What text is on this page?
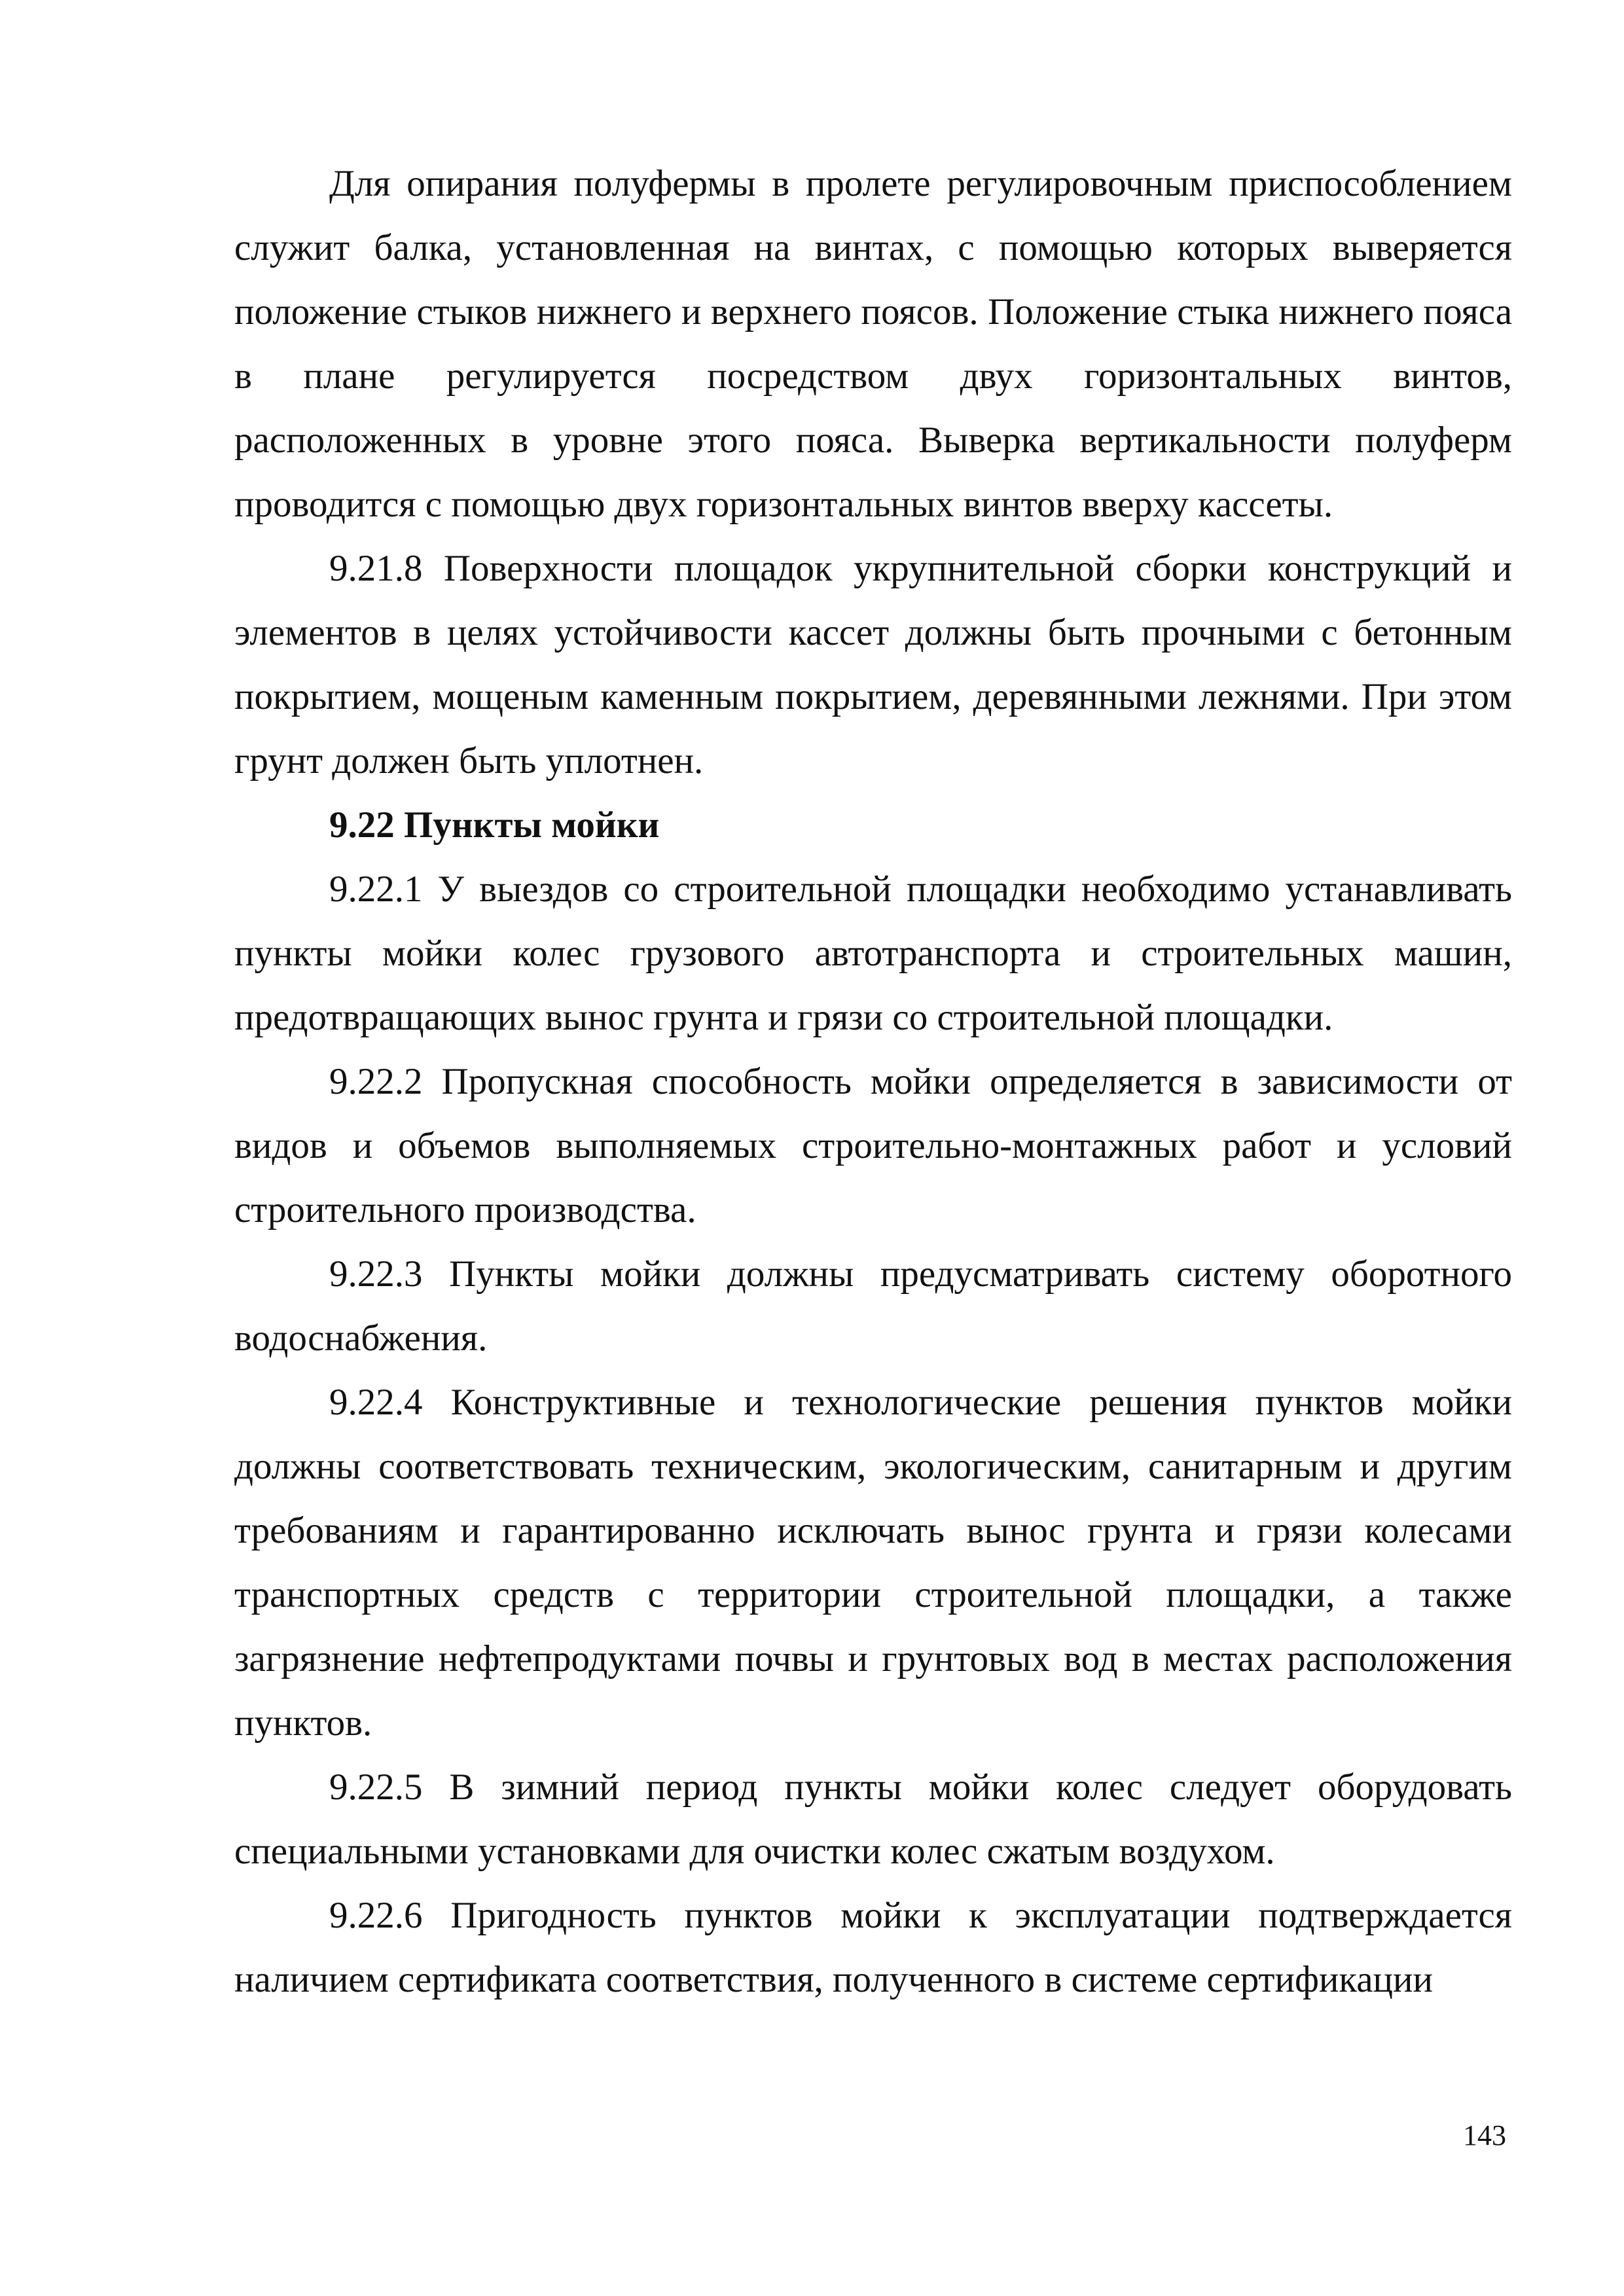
Для опирания полуфермы в пролете регулировочным приспособлением служит балка, установленная на винтах, с помощью которых выверяется положение стыков нижнего и верхнего поясов. Положение стыка нижнего пояса в плане регулируется посредством двух горизонтальных винтов, расположенных в уровне этого пояса. Выверка вертикальности полуферм проводится с помощью двух горизонтальных винтов вверху кассеты.

9.21.8 Поверхности площадок укрупнительной сборки конструкций и элементов в целях устойчивости кассет должны быть прочными с бетонным покрытием, мощеным каменным покрытием, деревянными лежнями. При этом грунт должен быть уплотнен.

9.22 Пункты мойки

9.22.1 У выездов со строительной площадки необходимо устанавливать пункты мойки колес грузового автотранспорта и строительных машин, предотвращающих вынос грунта и грязи со строительной площадки.

9.22.2 Пропускная способность мойки определяется в зависимости от видов и объемов выполняемых строительно-монтажных работ и условий строительного производства.

9.22.3 Пункты мойки должны предусматривать систему оборотного водоснабжения.

9.22.4 Конструктивные и технологические решения пунктов мойки должны соответствовать техническим, экологическим, санитарным и другим требованиям и гарантированно исключать вынос грунта и грязи колесами транспортных средств с территории строительной площадки, а также загрязнение нефтепродуктами почвы и грунтовых вод в местах расположения пунктов.

9.22.5 В зимний период пункты мойки колес следует оборудовать специальными установками для очистки колес сжатым воздухом.

9.22.6 Пригодность пунктов мойки к эксплуатации подтверждается наличием сертификата соответствия, полученного в системе сертификации

143
